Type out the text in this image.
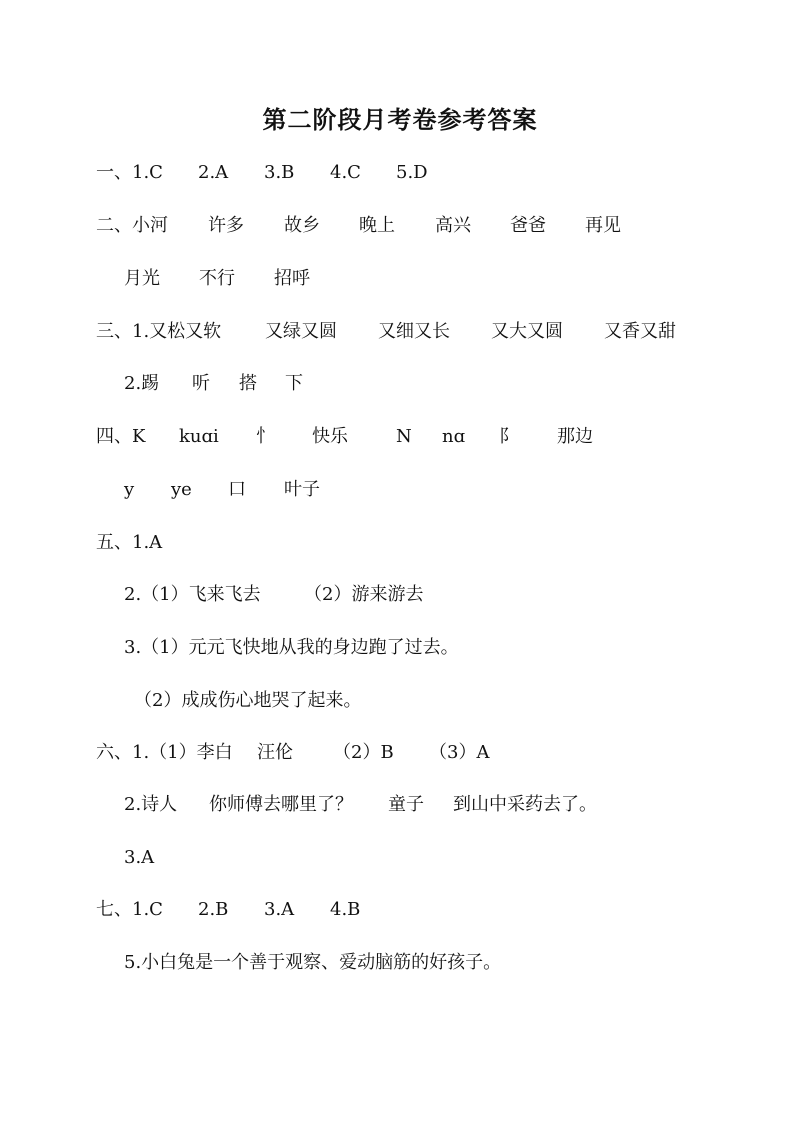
第二阶段月考卷参考答案
一、1.C 2.A 3.B 4.C 5.D
二、小河 许多 故乡 晚上 高兴 爸爸 再见
月光 不行 招呼
三、1.又松又软 又绿又圆 又细又长 又大又圆 又香又甜
2.踢 听 搭 下
四、K kuɑi 忄 快乐	N nɑ 阝 那边
y ye 口 叶子
五、1.A
2.（1）飞来飞去 （2）游来游去
3.（1）元元飞快地从我的身边跑了过去。
（2）成成伤心地哭了起来。
六、1.（1）李白 汪伦 （2）B （3）A
2.诗人 你师傅去哪里了？ 童子 到山中采药去了。
3.A
七、1.C 2.B 3.A 4.B
5.小白兔是一个善于观察、爱动脑筋的好孩子。
